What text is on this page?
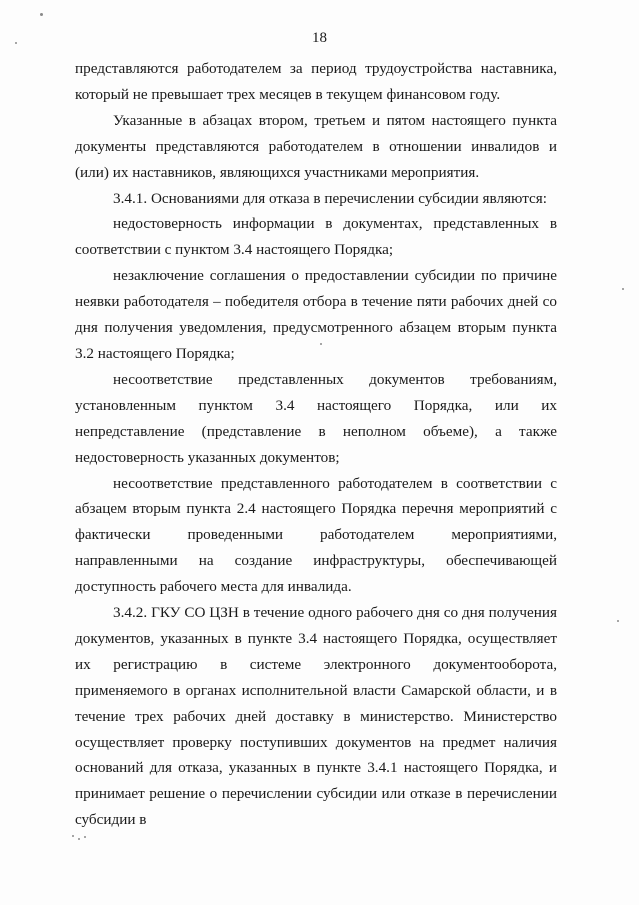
18

представляются работодателем за период трудоустройства наставника, который не превышает трех месяцев в текущем финансовом году.

Указанные в абзацах втором, третьем и пятом настоящего пункта документы представляются работодателем в отношении инвалидов и (или) их наставников, являющихся участниками мероприятия.

3.4.1. Основаниями для отказа в перечислении субсидии являются:

недостоверность информации в документах, представленных в соответствии с пунктом 3.4 настоящего Порядка;

незаключение соглашения о предоставлении субсидии по причине неявки работодателя – победителя отбора в течение пяти рабочих дней со дня получения уведомления, предусмотренного абзацем вторым пункта 3.2 настоящего Порядка;

несоответствие представленных документов требованиям, установленным пунктом 3.4 настоящего Порядка, или их непредставление (представление в неполном объеме), а также недостоверность указанных документов;

несоответствие представленного работодателем в соответствии с абзацем вторым пункта 2.4 настоящего Порядка перечня мероприятий с фактически проведенными работодателем мероприятиями, направленными на создание инфраструктуры, обеспечивающей доступность рабочего места для инвалида.

3.4.2. ГКУ СО ЦЗН в течение одного рабочего дня со дня получения документов, указанных в пункте 3.4 настоящего Порядка, осуществляет их регистрацию в системе электронного документооборота, применяемого в органах исполнительной власти Самарской области, и в течение трех рабочих дней доставку в министерство. Министерство осуществляет проверку поступивших документов на предмет наличия оснований для отказа, указанных в пункте 3.4.1 настоящего Порядка, и принимает решение о перечислении субсидии или отказе в перечислении субсидии в
